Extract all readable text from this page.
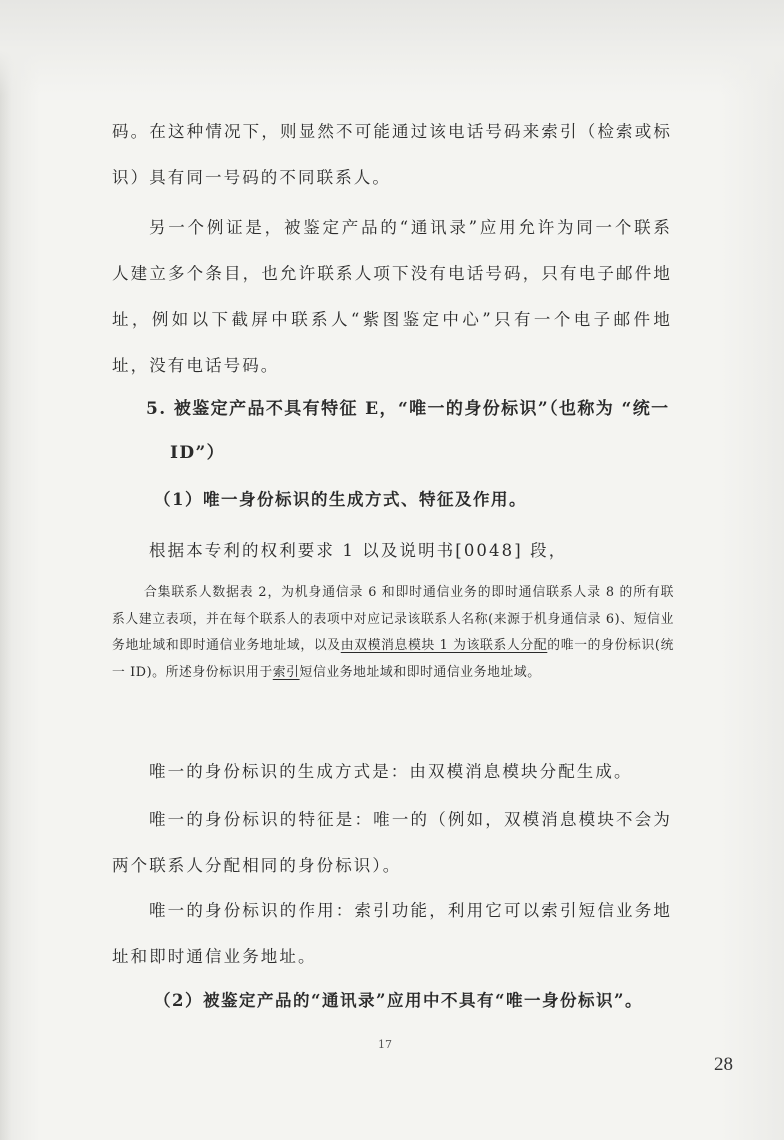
码。在这种情况下，则显然不可能通过该电话号码来索引（检索或标识）具有同一号码的不同联系人。

另一个例证是，被鉴定产品的“通讯录”应用允许为同一个联系人建立多个条目，也允许联系人项下没有电话号码，只有电子邮件地址，例如以下截屏中联系人“紫图鉴定中心”只有一个电子邮件地址，没有电话号码。

5. 被鉴定产品不具有特征 E，“唯一的身份标识”（也称为 “统一
ID”）

（1）唯一身份标识的生成方式、特征及作用。

根据本专利的权利要求 1 以及说明书[0048] 段，

合集联系人数据表 2，为机身通信录 6 和即时通信业务的即时通信联系人录 8 的所有联系人建立表项，并在每个联系人的表项中对应记录该联系人名称(来源于机身通信录 6)、短信业务地址域和即时通信业务地址域，以及由双模消息模块 1 为该联系人分配的唯一的身份标识(统一 ID)。所述身份标识用于索引短信业务地址域和即时通信业务地址域。

唯一的身份标识的生成方式是：由双模消息模块分配生成。

唯一的身份标识的特征是：唯一的（例如，双模消息模块不会为两个联系人分配相同的身份标识）。

唯一的身份标识的作用：索引功能，利用它可以索引短信业务地址和即时通信业务地址。

（2）被鉴定产品的“通讯录”应用中不具有“唯一身份标识”。

17
28
